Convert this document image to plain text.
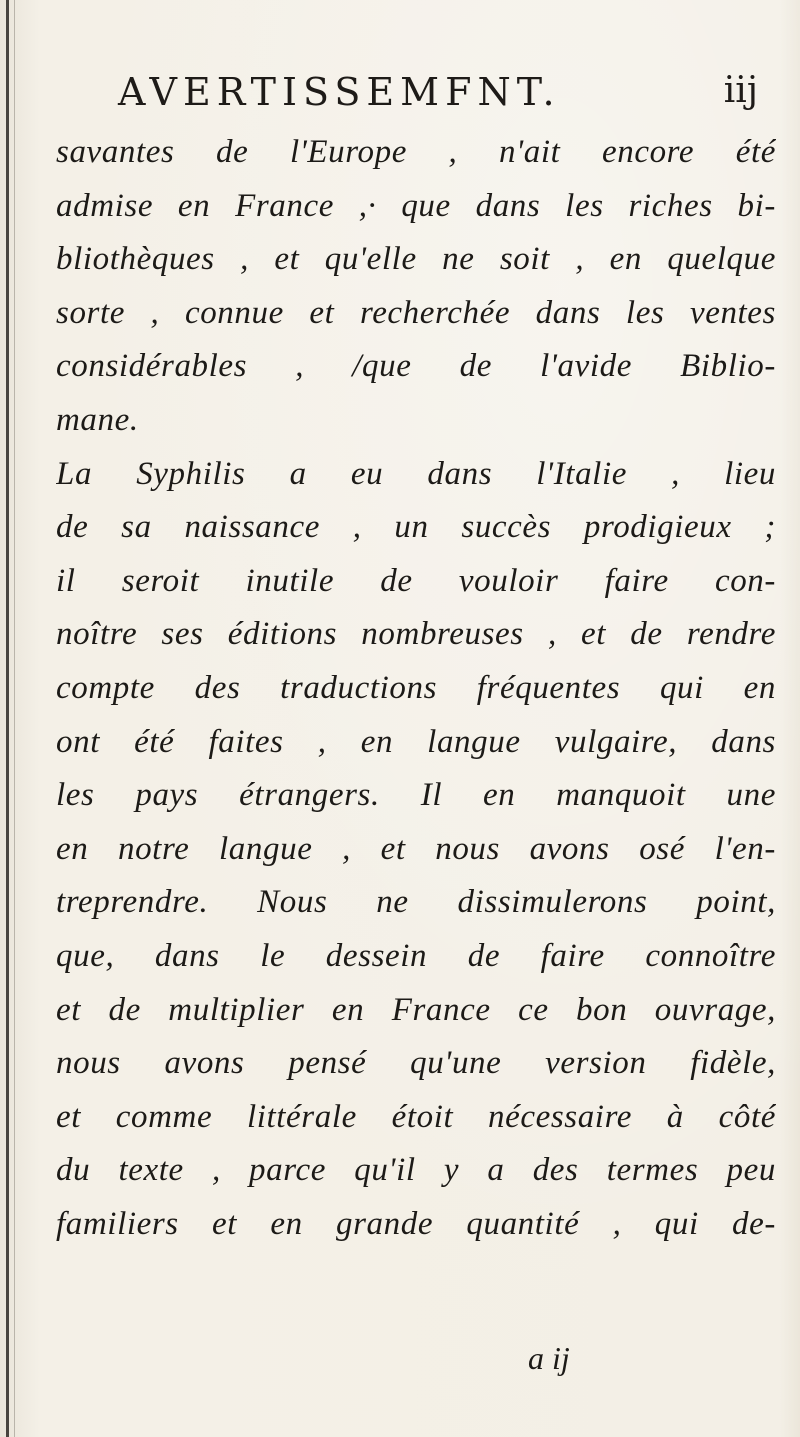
AVERTISSEMFNT.	iij
savantes de l'Europe , n'ait encore été
admise en France ,· que dans les riches bi-
bliothèques , et qu'elle ne soit , en quelque
sorte , connue et recherchée dans les ventes
considérables , /que de l'avide Biblio-
mane.
La Syphilis a eu dans l'Italie , lieu
de sa naissance , un succès prodigieux ;
il seroit inutile de vouloir faire con-
noître ses éditions nombreuses , et de rendre
compte des traductions fréquentes qui en
ont été faites , en langue vulgaire, dans
les pays étrangers. Il en manquoit une
en notre langue , et nous avons osé l'en-
treprendre. Nous ne dissimulerons point,
que, dans le dessein de faire connoître
et de multiplier en France ce bon ouvrage,
nous avons pensé qu'une version fidèle,
et comme littérale étoit nécessaire à côté
du texte , parce qu'il y a des termes peu
familiers et en grande quantité , qui de-
a ij
